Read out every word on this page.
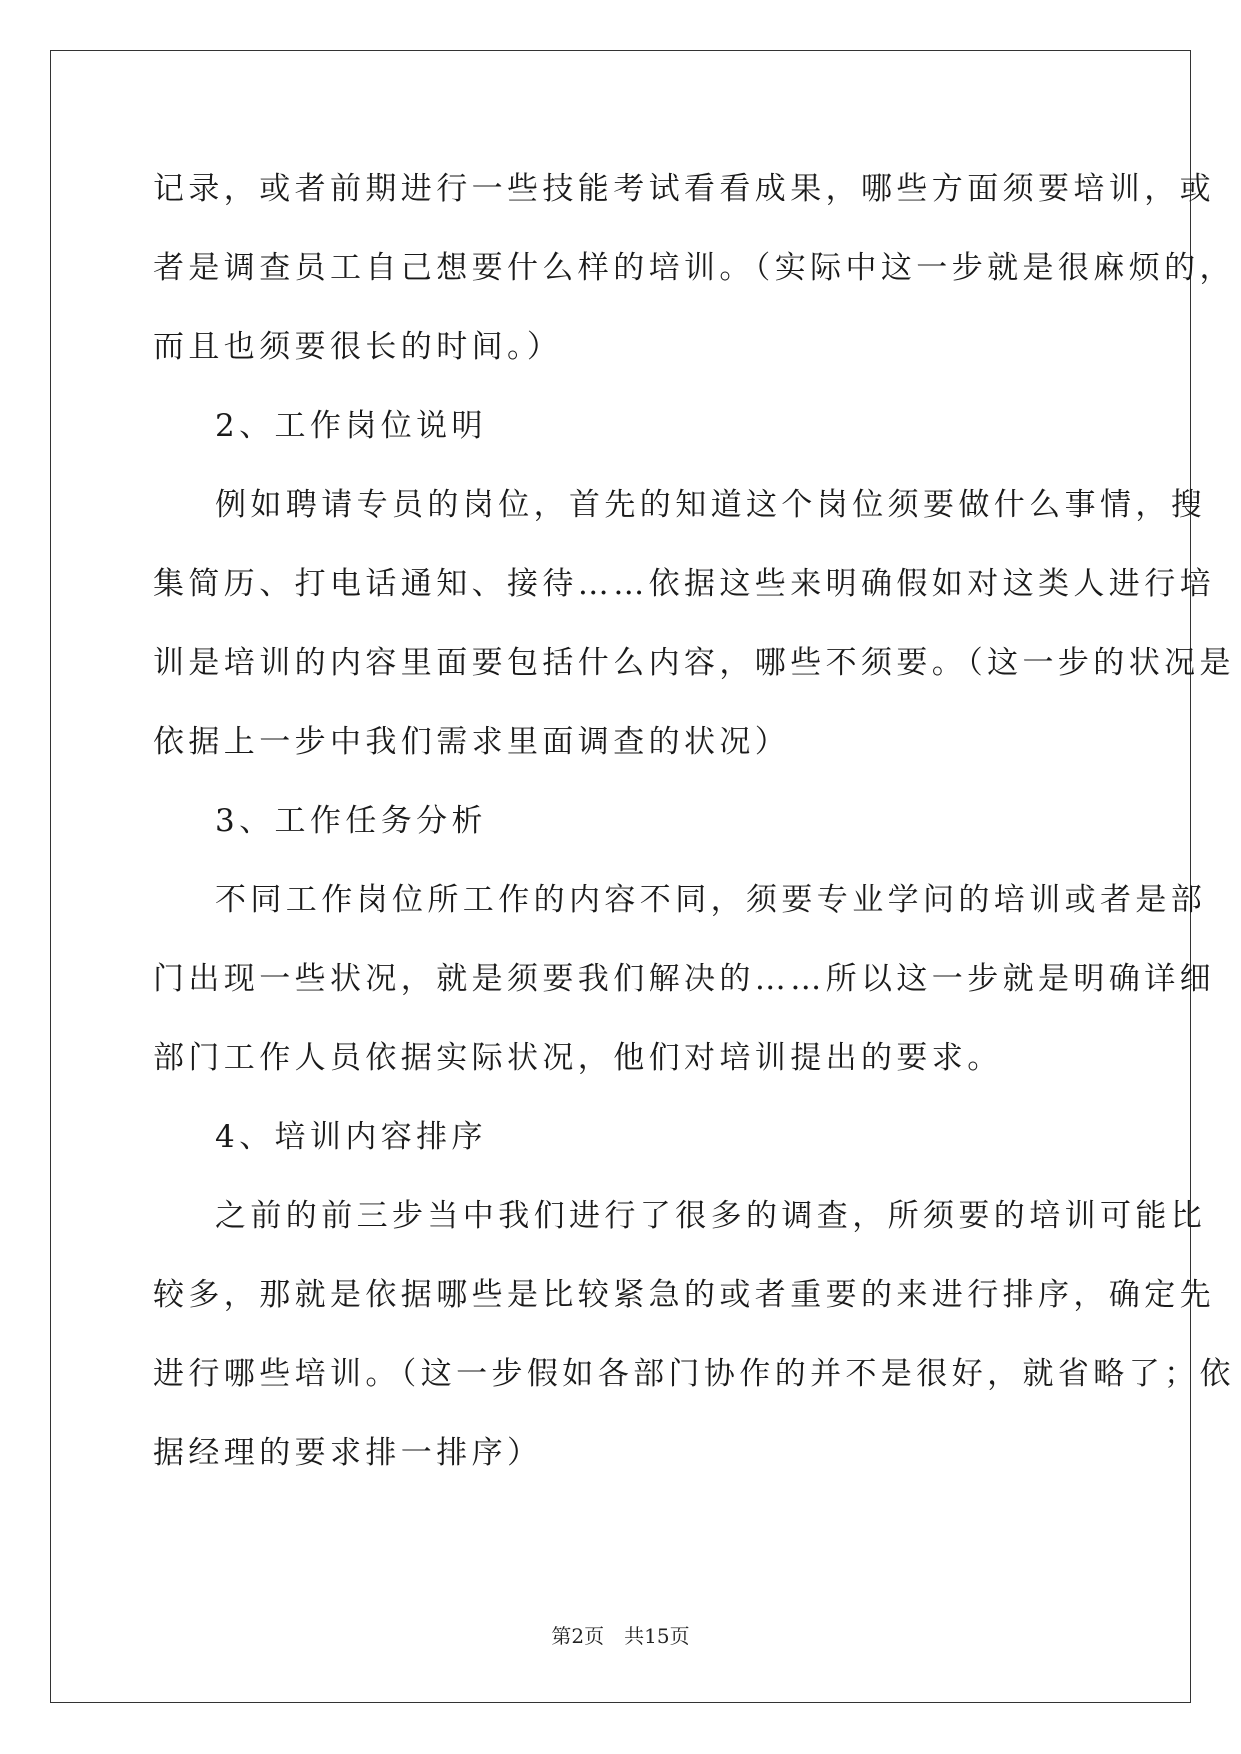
记录，或者前期进行一些技能考试看看成果，哪些方面须要培训，或
者是调查员工自己想要什么样的培训。（实际中这一步就是很麻烦的，
而且也须要很长的时间。）
2、工作岗位说明
例如聘请专员的岗位，首先的知道这个岗位须要做什么事情，搜
集简历、打电话通知、接待……依据这些来明确假如对这类人进行培
训是培训的内容里面要包括什么内容，哪些不须要。（这一步的状况是
依据上一步中我们需求里面调查的状况）
3、工作任务分析
不同工作岗位所工作的内容不同，须要专业学问的培训或者是部
门出现一些状况，就是须要我们解决的……所以这一步就是明确详细
部门工作人员依据实际状况，他们对培训提出的要求。
4、培训内容排序
之前的前三步当中我们进行了很多的调查，所须要的培训可能比
较多，那就是依据哪些是比较紧急的或者重要的来进行排序，确定先
进行哪些培训。（这一步假如各部门协作的并不是很好，就省略了；依
据经理的要求排一排序）
第2页 共15页
